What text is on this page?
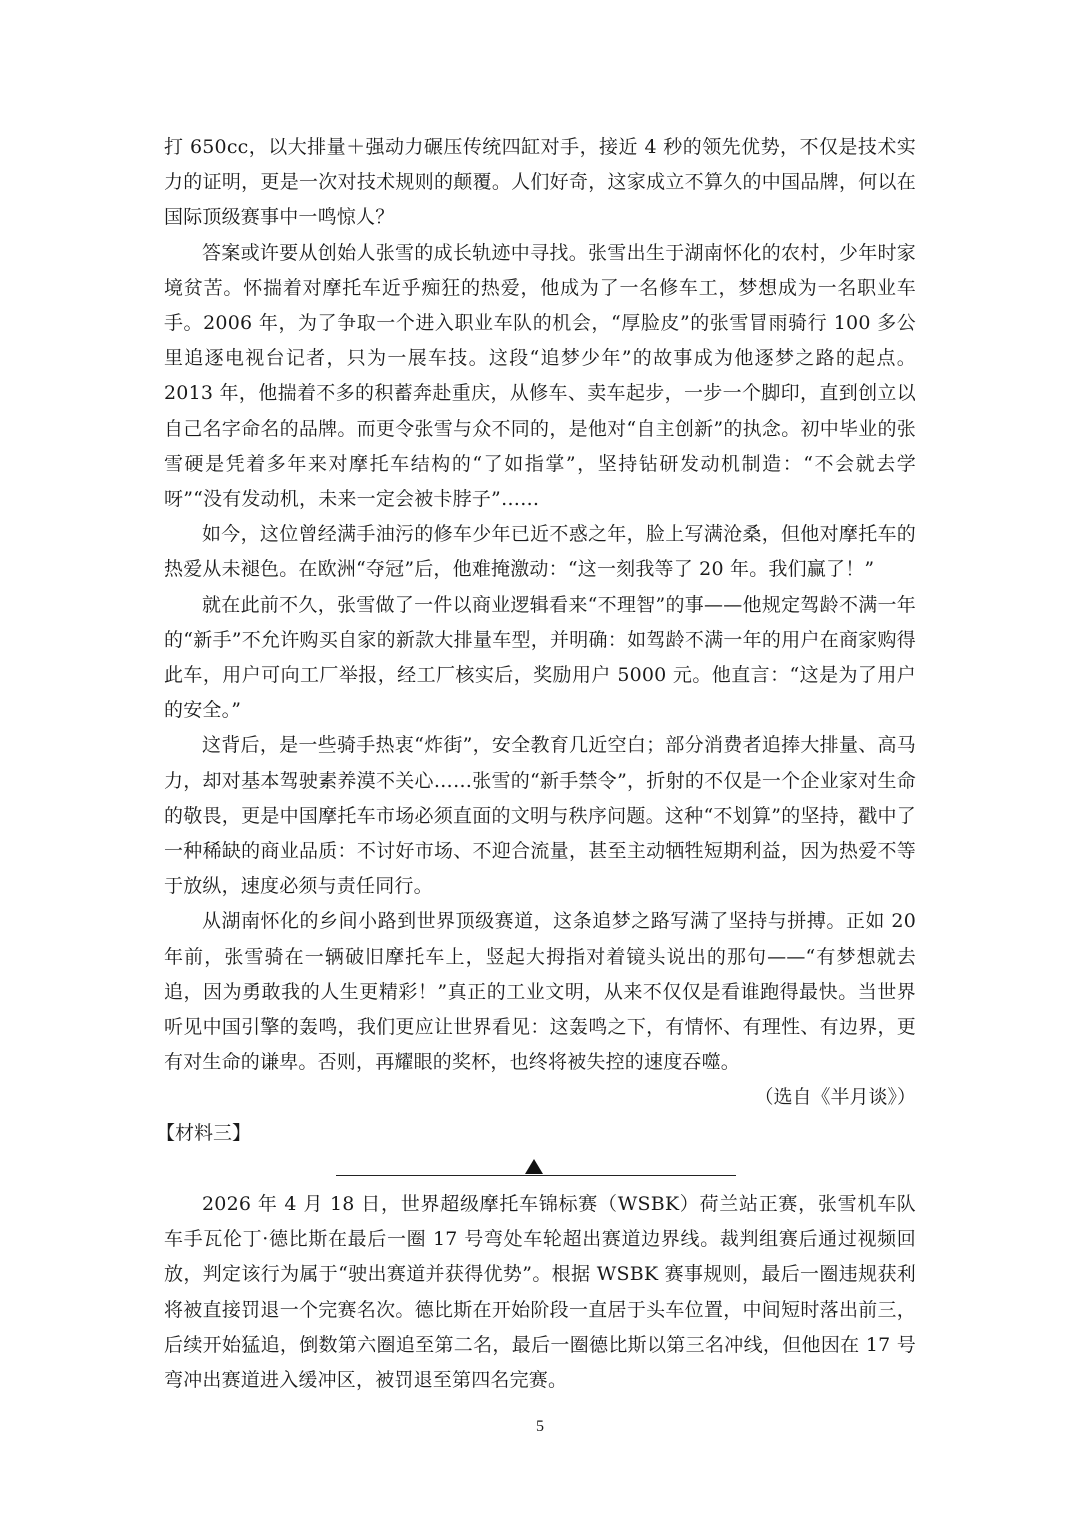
打 650cc，以大排量＋强动力碾压传统四缸对手，接近 4 秒的领先优势，不仅是技术实力的证明，更是一次对技术规则的颠覆。人们好奇，这家成立不算久的中国品牌，何以在国际顶级赛事中一鸣惊人？

答案或许要从创始人张雪的成长轨迹中寻找。张雪出生于湖南怀化的农村，少年时家境贫苦。怀揣着对摩托车近乎痴狂的热爱，他成为了一名修车工，梦想成为一名职业车手。2006 年，为了争取一个进入职业车队的机会，“厚脸皮”的张雪冒雨骑行 100 多公里追逐电视台记者，只为一展车技。这段“追梦少年”的故事成为他逐梦之路的起点。2013 年，他揣着不多的积蓄奔赴重庆，从修车、卖车起步，一步一个脚印，直到创立以自己名字命名的品牌。而更令张雪与众不同的，是他对“自主创新”的执念。初中毕业的张雪硬是凭着多年来对摩托车结构的“了如指掌”，坚持钻研发动机制造：“不会就去学呀”“没有发动机，未来一定会被卡脖子”……

如今，这位曾经满手油污的修车少年已近不惑之年，脸上写满沧桑，但他对摩托车的热爱从未褪色。在欧洲“夺冠”后，他难掩激动：“这一刻我等了 20 年。我们赢了！”

就在此前不久，张雪做了一件以商业逻辑看来“不理智”的事——他规定驾龄不满一年的“新手”不允许购买自家的新款大排量车型，并明确：如驾龄不满一年的用户在商家购得此车，用户可向工厂举报，经工厂核实后，奖励用户 5000 元。他直言：“这是为了用户的安全。”

这背后，是一些骑手热衷“炸街”，安全教育几近空白；部分消费者追捧大排量、高马力，却对基本驾驶素养漠不关心……张雪的“新手禁令”，折射的不仅是一个企业家对生命的敬畏，更是中国摩托车市场必须直面的文明与秩序问题。这种“不划算”的坚持，戳中了一种稀缺的商业品质：不讨好市场、不迎合流量，甚至主动牺牲短期利益，因为热爱不等于放纵，速度必须与责任同行。

从湖南怀化的乡间小路到世界顶级赛道，这条追梦之路写满了坚持与拼搏。正如 20 年前，张雪骑在一辆破旧摩托车上，竖起大拇指对着镜头说出的那句——“有梦想就去追，因为勇敢我的人生更精彩！”真正的工业文明，从来不仅仅是看谁跑得最快。当世界听见中国引擎的轰鸣，我们更应让世界看见：这轰鸣之下，有情怀、有理性、有边界，更有对生命的谦卑。否则，再耀眼的奖杯，也终将被失控的速度吞噬。

（选自《半月谈》）

【材料三】

2026 年 4 月 18 日，世界超级摩托车锦标赛（WSBK）荷兰站正赛，张雪机车队车手瓦伦丁·德比斯在最后一圈 17 号弯处车轮超出赛道边界线。裁判组赛后通过视频回放，判定该行为属于“驶出赛道并获得优势”。根据 WSBK 赛事规则，最后一圈违规获利将被直接罚退一个完赛名次。德比斯在开始阶段一直居于头车位置，中间短时落出前三，后续开始猛追，倒数第六圈追至第二名，最后一圈德比斯以第三名冲线，但他因在 17 号弯冲出赛道进入缓冲区，被罚退至第四名完赛。

5
